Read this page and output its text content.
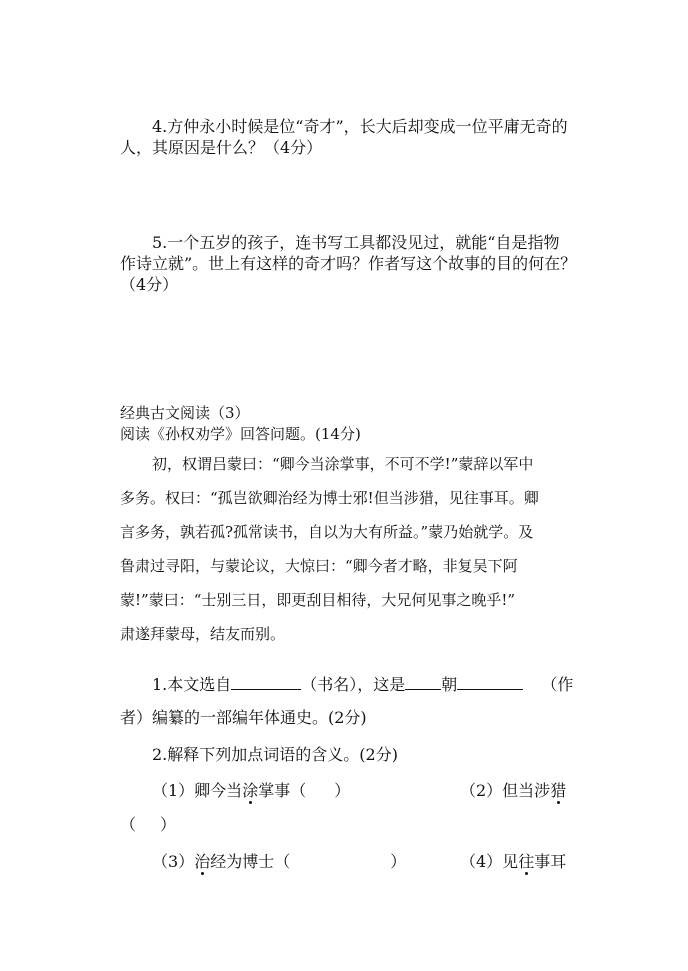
4.方仲永小时候是位“奇才”，长大后却变成一位平庸无奇的
人，其原因是什么？（4分）
5.一个五岁的孩子，连书写工具都没见过，就能“自是指物
作诗立就”。世上有这样的奇才吗？作者写这个故事的目的何在？
（4分）
经典古文阅读（3）
阅读《孙权劝学》回答问题。(14分)
初，权谓吕蒙曰：“卿今当涂掌事，不可不学!”蒙辞以军中
多务。权曰：“孤岂欲卿治经为博士邪!但当涉猎，见往事耳。卿
言多务，孰若孤?孤常读书，自以为大有所益。”蒙乃始就学。及
鲁肃过寻阳，与蒙论议，大惊曰：“卿今者才略，非复吴下阿
蒙!”蒙曰：“士别三日，即更刮目相待，大兄何见事之晚乎!”
肃遂拜蒙母，结友而别。
1.本文选自	（书名），这是 朝	（作
者）编纂的一部编年体通史。(2分)
2.解释下列加点词语的含义。(2分)
（1）卿今当涂掌事（ ）	（2）但当涉猎
（ ）
（3）治经为博士（	）	（4）见往事耳
